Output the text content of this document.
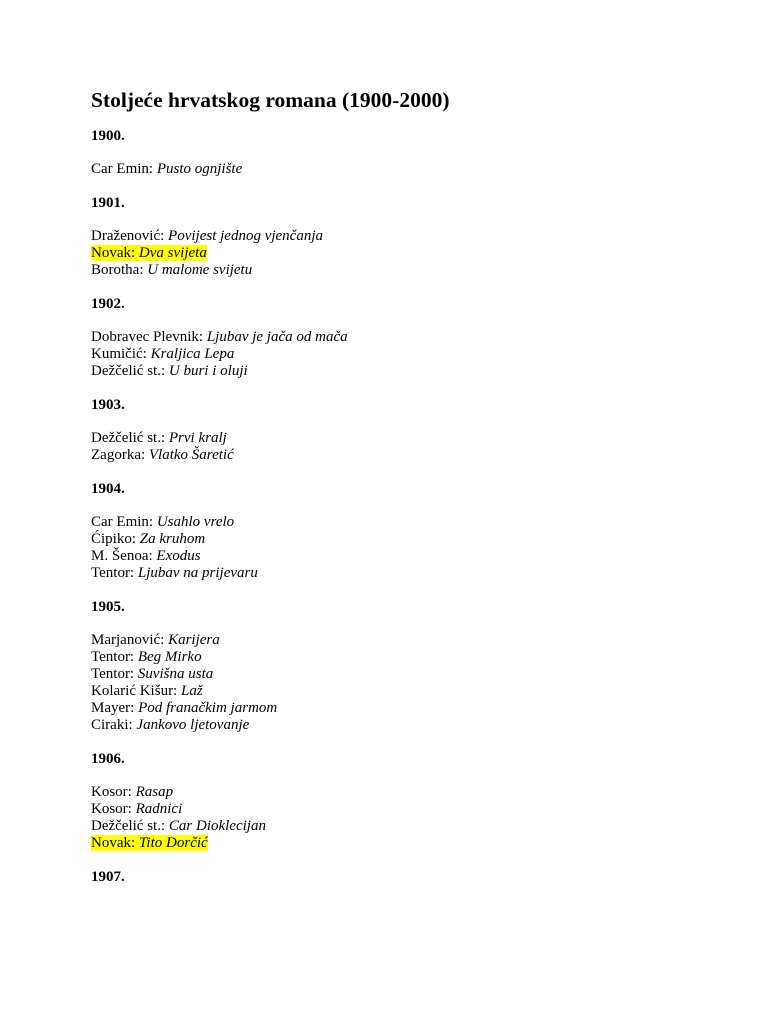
Stoljeće hrvatskog romana (1900-2000)
1900.
Car Emin: Pusto ognjište
1901.
Draženović: Povijest jednog vjenčanja
Novak: Dva svijeta
Borotha: U malome svijetu
1902.
Dobravec Plevnik: Ljubav je jača od mača
Kumičić: Kraljica Lepa
Dežčelić st.: U buri i oluji
1903.
Dežčelić st.: Prvi kralj
Zagorka: Vlatko Šaretić
1904.
Car Emin: Usahlo vrelo
Ćipiko: Za kruhom
M. Šenoa: Exodus
Tentor: Ljubav na prijevaru
1905.
Marjanović: Karijera
Tentor: Beg Mirko
Tentor: Suvišna usta
Kolarić Kišur: Laž
Mayer: Pod franačkim jarmom
Ciraki: Jankovo ljetovanje
1906.
Kosor: Rasap
Kosor: Radnici
Dežčelić st.: Car Dioklecijan
Novak: Tito Dorčić
1907.
